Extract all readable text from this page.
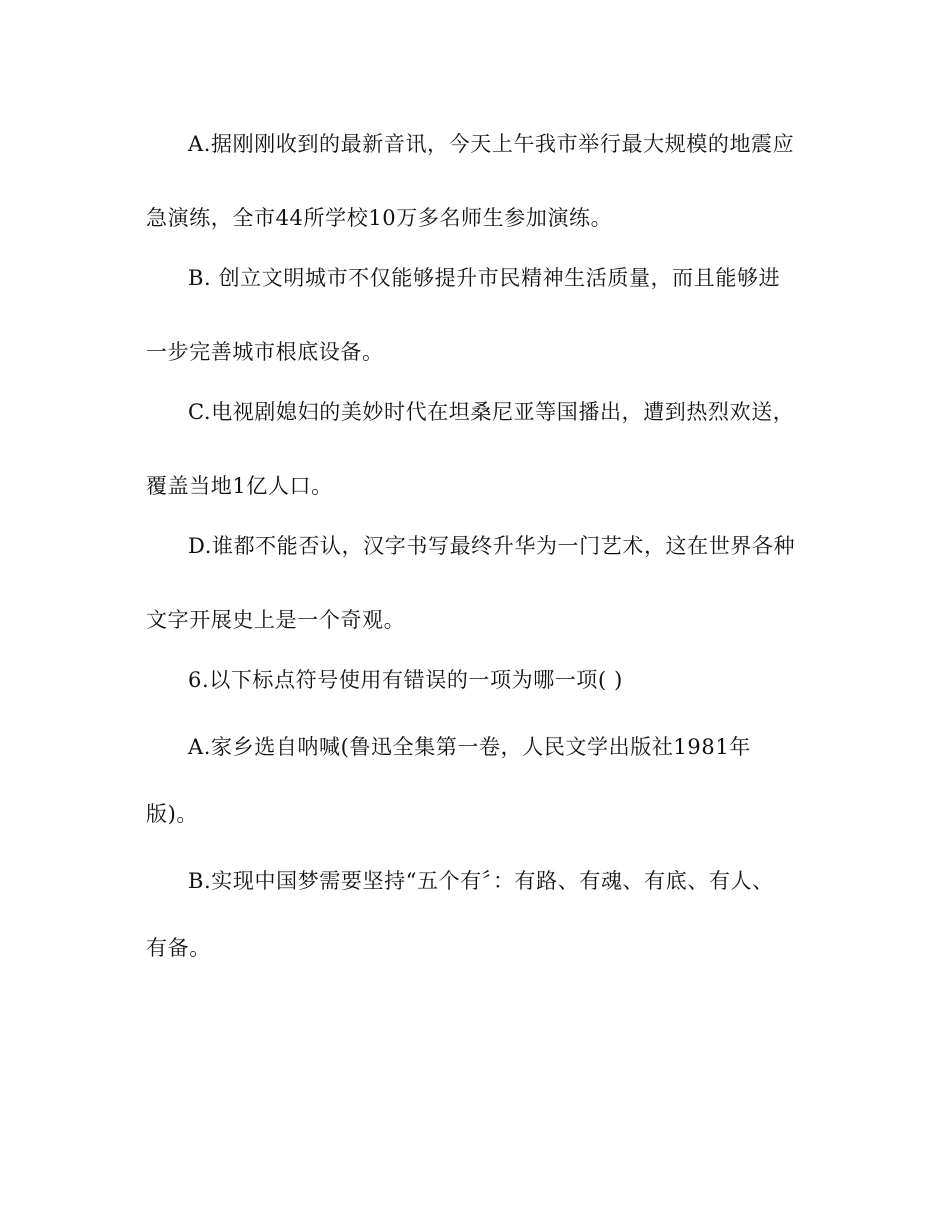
A.据刚刚收到的最新音讯，今天上午我市举行最大规模的地震应
急演练，全市44所学校10万多名师生参加演练。
B. 创立文明城市不仅能够提升市民精神生活质量，而且能够进
一步完善城市根底设备。
C.电视剧媳妇的美妙时代在坦桑尼亚等国播出，遭到热烈欢送，
覆盖当地1亿人口。
D.谁都不能否认，汉字书写最终升华为一门艺术，这在世界各种
文字开展史上是一个奇观。
6.以下标点符号使用有错误的一项为哪一项( )
A.家乡选自呐喊(鲁迅全集第一卷，人民文学出版社1981年
版)。
B.实现中国梦需要坚持“五个有〞：有路、有魂、有底、有人、
有备。
